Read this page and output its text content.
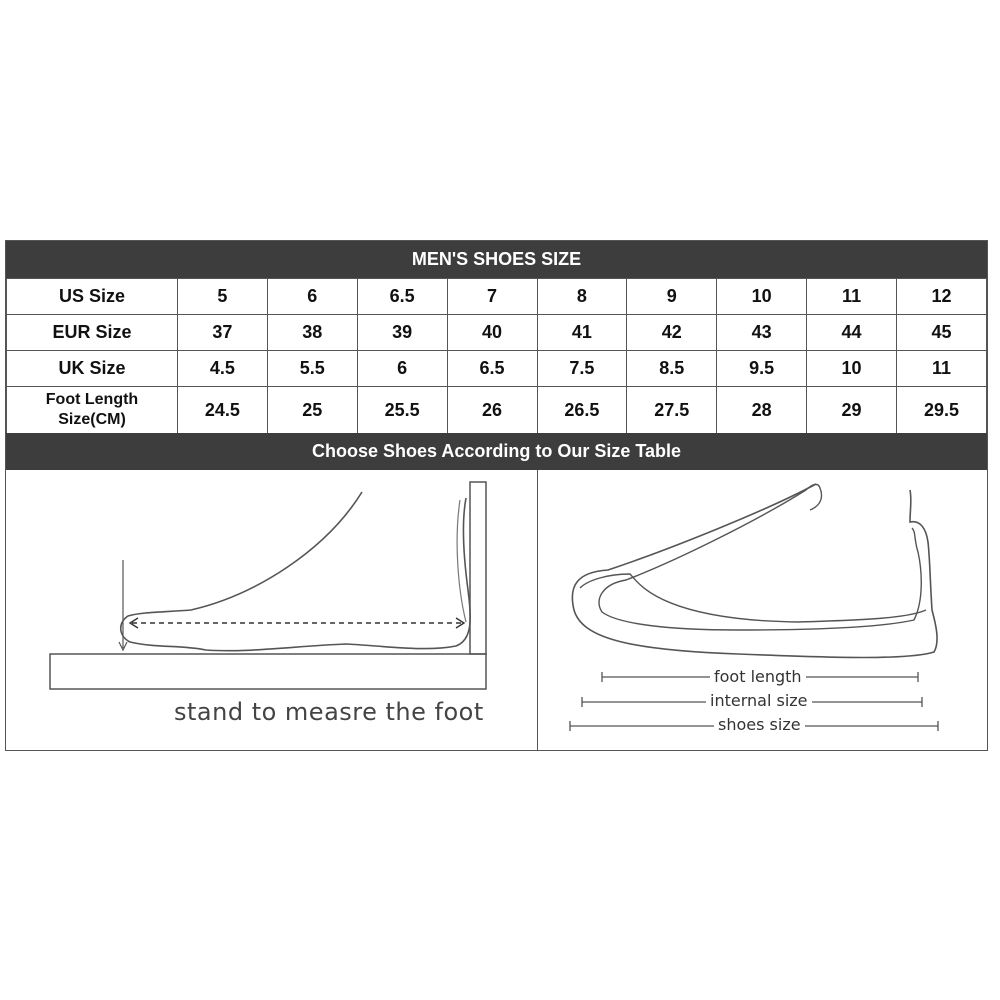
MEN'S SHOES SIZE
US Size	5	6	6.5	7	8	9	10	11	12
EUR Size	37	38	39	40	41	42	43	44	45
UK Size	4.5	5.5	6	6.5	7.5	8.5	9.5	10	11
Foot Length
Size(CM)	24.5	25	25.5	26	26.5	27.5	28	29	29.5
Choose Shoes According to Our Size Table
stand to measre the foot
foot length
internal size
shoes size
